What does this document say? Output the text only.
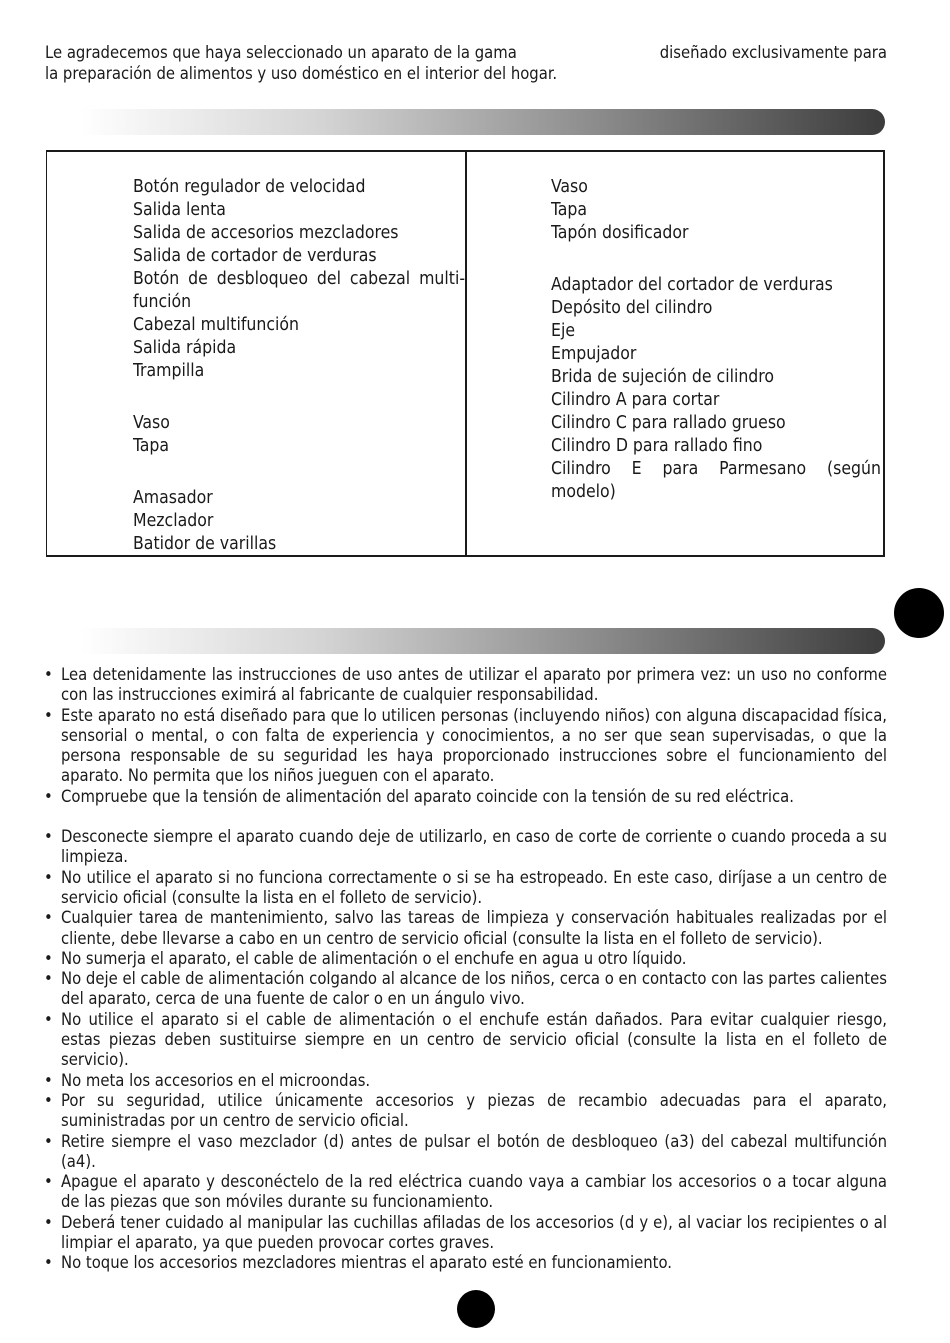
Le agradecemos que haya seleccionado un aparato de la gama	diseñado exclusivamente para
la preparación de alimentos y uso doméstico en el interior del hogar.
Botón regulador de velocidad
Salida lenta
Salida de accesorios mezcladores
Salida de cortador de verduras
Botón de desbloqueo del cabezal multi-función
Cabezal multifunción
Salida rápida
Trampilla
Vaso
Tapa
Amasador
Mezclador
Batidor de varillas
Vaso
Tapa
Tapón dosificador
Adaptador del cortador de verduras
Depósito del cilindro
Eje
Empujador
Brida de sujeción de cilindro
Cilindro A para cortar
Cilindro C para rallado grueso
Cilindro D para rallado fino
Cilindro E para Parmesano (según modelo)
• Lea detenidamente las instrucciones de uso antes de utilizar el aparato por primera vez: un uso no conforme con las instrucciones eximirá al fabricante de cualquier responsabilidad.
• Este aparato no está diseñado para que lo utilicen personas (incluyendo niños) con alguna discapacidad física, sensorial o mental, o con falta de experiencia y conocimientos, a no ser que sean supervisadas, o que la persona responsable de su seguridad les haya proporcionado instrucciones sobre el funcionamiento del aparato. No permita que los niños jueguen con el aparato.
• Compruebe que la tensión de alimentación del aparato coincide con la tensión de su red eléctrica.
• Desconecte siempre el aparato cuando deje de utilizarlo, en caso de corte de corriente o cuando proceda a su limpieza.
• No utilice el aparato si no funciona correctamente o si se ha estropeado. En este caso, diríjase a un centro de servicio oficial (consulte la lista en el folleto de servicio).
• Cualquier tarea de mantenimiento, salvo las tareas de limpieza y conservación habituales realizadas por el cliente, debe llevarse a cabo en un centro de servicio oficial (consulte la lista en el folleto de servicio).
• No sumerja el aparato, el cable de alimentación o el enchufe en agua u otro líquido.
• No deje el cable de alimentación colgando al alcance de los niños, cerca o en contacto con las partes calientes del aparato, cerca de una fuente de calor o en un ángulo vivo.
• No utilice el aparato si el cable de alimentación o el enchufe están dañados. Para evitar cualquier riesgo, estas piezas deben sustituirse siempre en un centro de servicio oficial (consulte la lista en el folleto de servicio).
• No meta los accesorios en el microondas.
• Por su seguridad, utilice únicamente accesorios y piezas de recambio adecuadas para el aparato, suministradas por un centro de servicio oficial.
• Retire siempre el vaso mezclador (d) antes de pulsar el botón de desbloqueo (a3) del cabezal multifunción (a4).
• Apague el aparato y desconéctelo de la red eléctrica cuando vaya a cambiar los accesorios o a tocar alguna de las piezas que son móviles durante su funcionamiento.
• Deberá tener cuidado al manipular las cuchillas afiladas de los accesorios (d y e), al vaciar los recipientes o al limpiar el aparato, ya que pueden provocar cortes graves.
• No toque los accesorios mezcladores mientras el aparato esté en funcionamiento.
